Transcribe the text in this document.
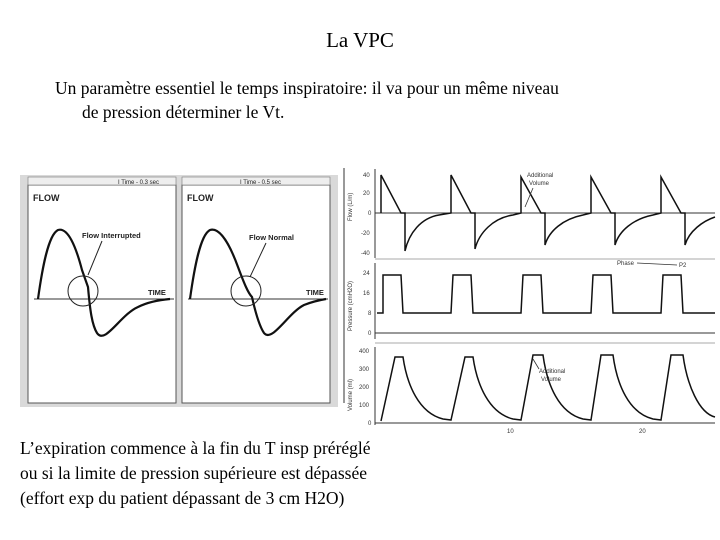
La VPC
Un paramètre essentiel le temps inspiratoire: il va pour un même niveau
de pression déterminer le Vt.
I Time - 0.3 sec
FLOW
Flow Interrupted
TIME
I Time - 0.5 sec
FLOW
Flow Normal
TIME
Flow (L/m)
40
20
0
-20
-40
Additional
Volume
Pressure (cmH2O)
24
16
8
0
Phase	P2
Volume (ml)
400
300
200
100
0
Additional
Volume
10	20
L’expiration commence à la fin du T insp préréglé
ou si la limite de pression supérieure est dépassée
(effort exp du patient dépassant de 3 cm H2O)
